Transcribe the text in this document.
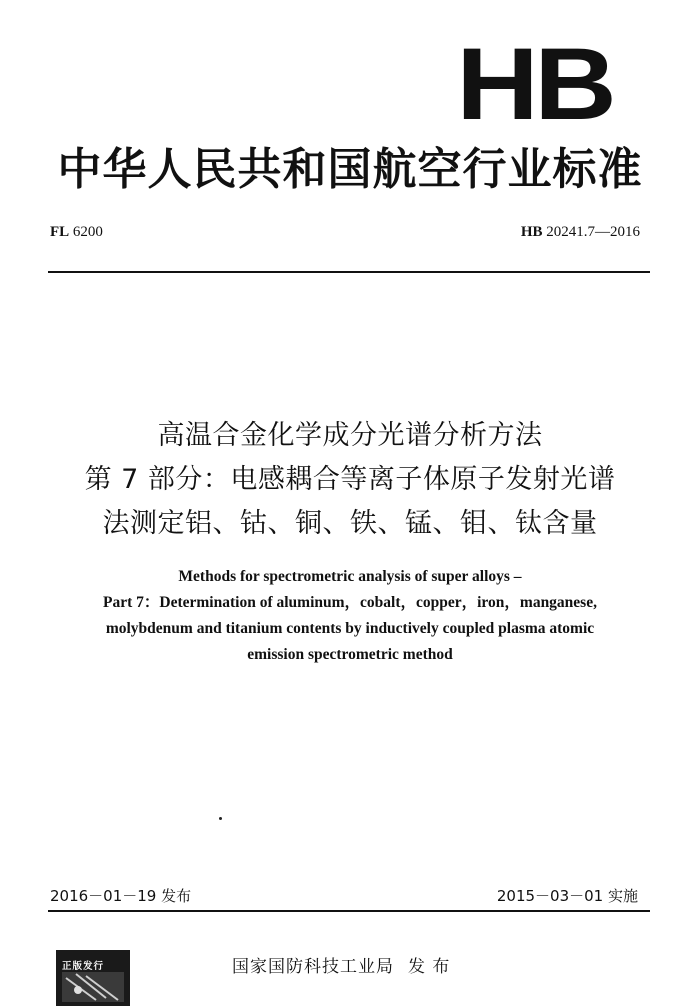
HB
中华人民共和国航空行业标准
FL 6200	HB 20241.7—2016
高温合金化学成分光谱分析方法
第 7 部分：电感耦合等离子体原子发射光谱
法测定铝、钴、铜、铁、锰、钼、钛含量
Methods for spectrometric analysis of super alloys –
Part 7：Determination of aluminum，cobalt，copper，iron，manganese,
molybdenum and titanium contents by inductively coupled plasma atomic
emission spectrometric method
2016－01－19 发布	2015－03－01 实施
正版发行	国家国防科技工业局 发 布
